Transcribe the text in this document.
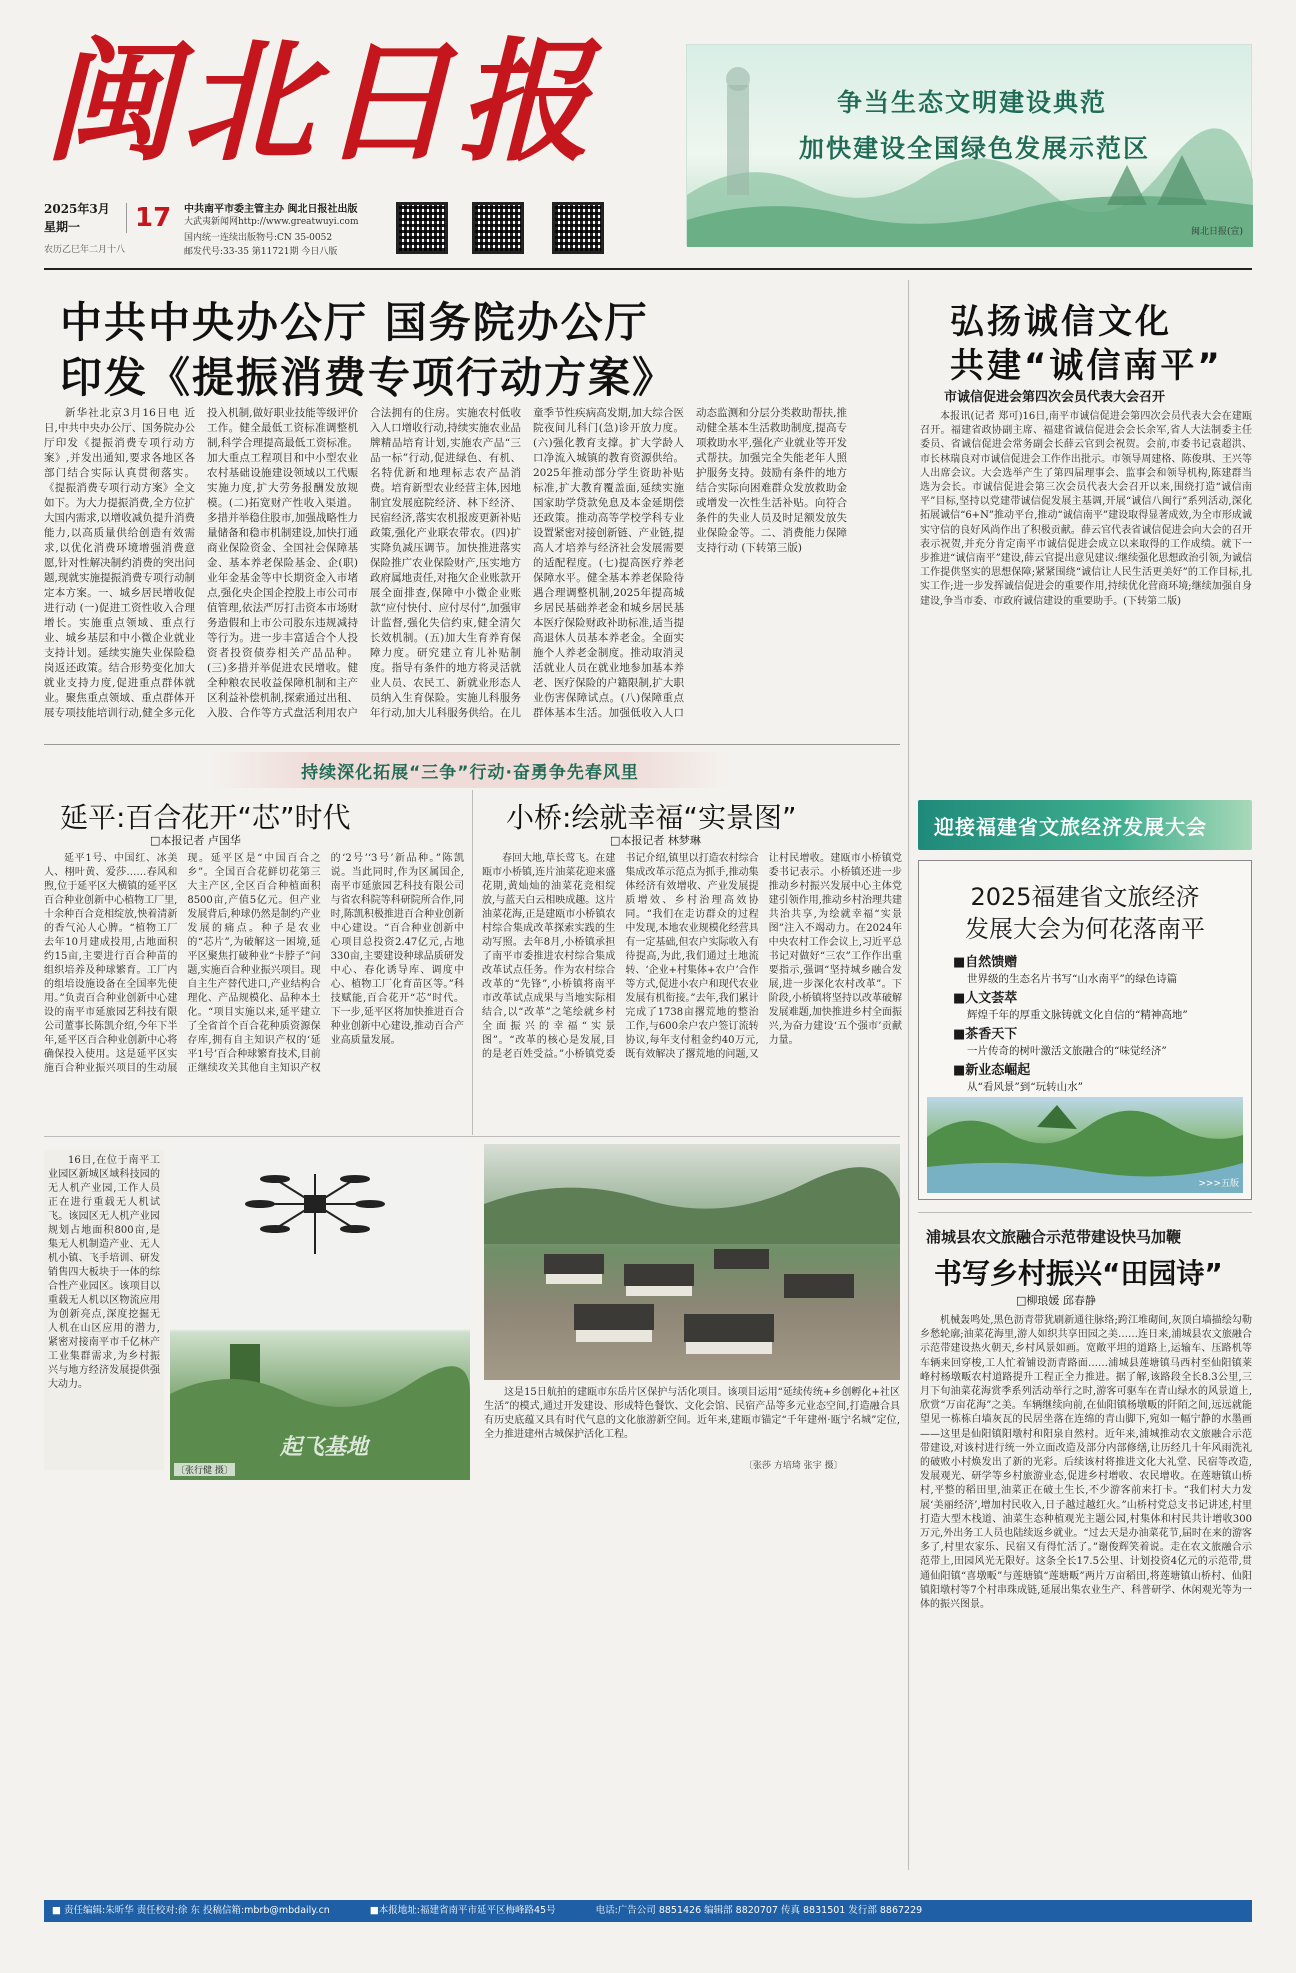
闽北日报
2025年3月
星期一	17
农历乙巳年二月十八
中共南平市委主管主办 闽北日报社出版
大武夷新闻网http://www.greatwuyi.com
国内统一连续出版物号:CN 35-0052
邮发代号:33-35 第11721期 今日八版
争当生态文明建设典范
加快建设全国绿色发展示范区
闽北日报(宣)
中共中央办公厅 国务院办公厅
印发《提振消费专项行动方案》

新华社北京3月16日电 近日,中共中央办公厅、国务院办公厅印发《提振消费专项行动方案》,并发出通知,要求各地区各部门结合实际认真贯彻落实。《提振消费专项行动方案》全文如下。为大力提振消费,全方位扩大国内需求,以增收减负提升消费能力,以高质量供给创造有效需求,以优化消费环境增强消费意愿,针对性解决制约消费的突出问题,现就实施提振消费专项行动制定本方案。一、城乡居民增收促进行动 (一)促进工资性收入合理增长。实施重点领域、重点行业、城乡基层和中小微企业就业支持计划。延续实施失业保险稳岗返还政策。结合形势变化加大就业支持力度,促进重点群体就业。聚焦重点领域、重点群体开展专项技能培训行动,健全多元化投入机制,做好职业技能等级评价工作。健全最低工资标准调整机制,科学合理提高最低工资标准。加大重点工程项目和中小型农业农村基础设施建设领域以工代赈实施力度,扩大劳务报酬发放规模。(二)拓宽财产性收入渠道。多措并举稳住股市,加强战略性力量储备和稳市机制建设,加快打通商业保险资金、全国社会保障基金、基本养老保险基金、企(职)业年金基金等中长期资金入市堵点,强化央企国企控股上市公司市值管理,依法严厉打击资本市场财务造假和上市公司股东违规减持等行为。进一步丰富适合个人投资者投资债券相关产品品种。(三)多措并举促进农民增收。健全种粮农民收益保障机制和主产区利益补偿机制,探索通过出租、入股、合作等方式盘活利用农户合法拥有的住房。实施农村低收入人口增收行动,持续实施农业品牌精品培育计划,实施农产品“三品一标”行动,促进绿色、有机、名特优新和地理标志农产品消费。培育新型农业经营主体,因地制宜发展庭院经济、林下经济、民宿经济,落实农机报废更新补贴政策,强化产业联农带农。(四)扩实降负减压调节。加快推进落实保险推广农业保险财产,压实地方政府属地责任,对拖欠企业账款开展全面排查,保障中小微企业账款“应付快付、应付尽付”,加强审计监督,强化失信约束,健全清欠长效机制。(五)加大生育养育保障力度。研究建立育儿补贴制度。指导有条件的地方将灵活就业人员、农民工、新就业形态人员纳入生育保险。实施儿科服务年行动,加大儿科服务供给。在儿童季节性疾病高发期,加大综合医院夜间儿科门(急)诊开放力度。(六)强化教育支撑。扩大学龄人口净流入城镇的教育资源供给。2025年推动部分学生资助补贴标准,扩大教育覆盖面,延续实施国家助学贷款免息及本金延期偿还政策。推动高等学校学科专业设置紧密对接创新链、产业链,提高人才培养与经济社会发展需要的适配程度。(七)提高医疗养老保障水平。健全基本养老保险待遇合理调整机制,2025年提高城乡居民基础养老金和城乡居民基本医疗保险财政补助标准,适当提高退休人员基本养老金。全面实施个人养老金制度。推动取消灵活就业人员在就业地参加基本养老、医疗保险的户籍限制,扩大职业伤害保障试点。(八)保障重点群体基本生活。加强低收入人口动态监测和分层分类救助帮扶,推动健全基本生活救助制度,提高专项救助水平,强化产业就业等开发式帮扶。加强完全失能老年人照护服务支持。鼓励有条件的地方结合实际向困难群众发放救助金或增发一次性生活补贴。向符合条件的失业人员及时足额发放失业保险金等。二、消费能力保障支持行动 (下转第三版)

弘扬诚信文化
共建“诚信南平”
市诚信促进会第四次会员代表大会召开

本报讯(记者 郑可)16日,南平市诚信促进会第四次会员代表大会在建瓯召开。福建省政协副主席、福建省诚信促进会会长余军,省人大法制委主任委员、省诚信促进会常务副会长薛云官到会祝贺。会前,市委书记袁超洪、市长林瑞良对市诚信促进会工作作出批示。市领导周建格、陈俊琪、王兴等人出席会议。大会选举产生了第四届理事会、监事会和领导机构,陈建群当选为会长。市诚信促进会第三次会员代表大会召开以来,围绕打造“诚信南平”目标,坚持以党建带诚信促发展主基调,开展“诚信八闽行”系列活动,深化拓展诚信“6+N”推动平台,推动“诚信南平”建设取得显著成效,为全市形成诚实守信的良好风尚作出了积极贡献。薛云官代表省诚信促进会向大会的召开表示祝贺,并充分肯定南平市诚信促进会成立以来取得的工作成绩。就下一步推进“诚信南平”建设,薛云官提出意见建议:继续强化思想政治引领,为诚信工作提供坚实的思想保障;紧紧围绕“诚信让人民生活更美好”的工作目标,扎实工作;进一步发挥诚信促进会的重要作用,持续优化营商环境;继续加强自身建设,争当市委、市政府诚信建设的重要助手。(下转第二版)

迎接福建省文旅经济发展大会
2025福建省文旅经济
发展大会为何花落南平
■自然馈赠
世界级的生态名片书写“山水南平”的绿色诗篇
■人文荟萃
辉煌千年的厚重文脉铸就文化自信的“精神高地”
■茶香天下
一片传奇的树叶激活文旅融合的“味觉经济”
■新业态崛起
从“看风景”到“玩转山水”
>>>五版
持续深化拓展“三争”行动·奋勇争先春风里
延平:百合花开“芯”时代
□本报记者 卢国华

延平1号、中国红、冰美人、栩叶黄、爱莎……春风和煦,位于延平区大横镇的延平区百合种业创新中心植物工厂里,十余种百合竞相绽放,怏着清新的香气沁人心脾。“植物工厂去年10月建成投用,占地面积约15亩,主要进行百合种苗的组织培养及种球繁育。工厂内的组培设施设备在全国率先使用。”负责百合种业创新中心建设的南平市延旅园艺科技有限公司董事长陈凯介绍,今年下半年,延平区百合种业创新中心将确保投入使用。这是延平区实施百合种业振兴项目的生动展现。延平区是“中国百合之乡”。全国百合花鲜切花第三大主产区,全区百合种植面积8500亩,产值5亿元。但产业发展背后,种球仍然是制约产业发展的痛点。种子是农业的“芯片”,为破解这一困境,延平区聚焦打破种业“卡脖子”问题,实施百合种业振兴项目。现自主生产替代进口,产业结构合理化、产品规模化、品种本土化。“项目实施以来,延平建立了全省首个百合花种质资源保存库,拥有自主知识产权的‘延平1号’百合种球繁育技术,目前正继续攻关其他自主知识产权的‘2号’‘3号’新品种。”陈凯说。当此同时,作为区属国企,南平市延旅园艺科技有限公司与省农科院等科研院所合作,同时,陈凯积极推进百合种业创新中心建设。“百合种业创新中心项目总投资2.47亿元,占地330亩,主要建设种球品质研发中心、春化诱导库、调度中心、植物工厂化育苗区等。”科技赋能,百合花开“芯”时代。下一步,延平区将加快推进百合种业创新中心建设,推动百合产业高质量发展。

小桥:绘就幸福“实景图”
□本报记者 林梦琳

春回大地,草长莺飞。在建瓯市小桥镇,连片油菜花迎来盛花期,黄灿灿的油菜花竞相绽放,与蓝天白云相映成趣。这片油菜花海,正是建瓯市小桥镇农村综合集成改革探索实践的生动写照。去年8月,小桥镇承担了南平市委推进农村综合集成改革试点任务。作为农村综合改革的“先锋”,小桥镇将南平市改革试点成果与当地实际相结合,以“改革”之笔绘就乡村全面振兴的幸福“实景图”。“改革的核心是发展,目的是老百姓受益。”小桥镇党委书记介绍,镇里以打造农村综合集成改革示范点为抓手,推动集体经济有效增收、产业发展提质增效、乡村治理高效协同。“我们在走访群众的过程中发现,本地农业规模化经营具有一定基础,但农户实际收入有待提高,为此,我们通过土地流转、‘企业+村集体+农户’合作等方式,促进小农户和现代农业发展有机衔接。”去年,我们累计完成了1738亩撂荒地的整治工作,与600余户农户签订流转协议,每年支付租金约40万元,既有效解决了撂荒地的问题,又让村民增收。建瓯市小桥镇党委书记表示。小桥镇还进一步推动乡村振兴发展中心主体党建引领作用,推动乡村治理共建共治共享,为绘就幸福“实景图”注入不竭动力。在2024年中央农村工作会议上,习近平总书记对做好“三农”工作作出重要指示,强调“坚持城乡融合发展,进一步深化农村改革”。下阶段,小桥镇将坚持以改革破解发展难题,加快推进乡村全面振兴,为奋力建设‘五个强市’贡献力量。

16日,在位于南平工业园区新城区域科技园的无人机产业园,工作人员正在进行重载无人机试飞。该园区无人机产业园规划占地面积800亩,是集无人机制造产业、无人机小镇、飞手培训、研发销售四大板块于一体的综合性产业园区。该项目以重载无人机以区物流应用为创新亮点,深度挖掘无人机在山区应用的潜力,紧密对接南平市千亿林产工业集群需求,为乡村振兴与地方经济发展提供强大动力。

起飞基地
〔张行健 摄〕

这是15日航拍的建瓯市东岳片区保护与活化项目。该项目运用“延续传统+乡创孵化+社区生活”的模式,通过开发建设、形成特色餐饮、文化会馆、民宿产品等多元业态空间,打造融合具有历史底蕴又具有时代气息的文化旅游新空间。近年来,建瓯市锚定“千年建州·瓯宁名城”定位,全力推进建州古城保护活化工程。

〔张莎 方培琦 张宇 摄〕
浦城县农文旅融合示范带建设快马加鞭
书写乡村振兴“田园诗”
□柳琅媛 邱春静

机械轰鸣处,黑色沥青带犹刷新通往脉络;跨江堆砌间,灰顶白墙描绘勾勒乡愁轮廓;油菜花海里,游人如织共享田园之美……连日来,浦城县农文旅融合示范带建设热火朝天,乡村风景如画。宽敞平坦的道路上,运输车、压路机等车辆来回穿梭,工人忙着铺设沥青路面……浦城县莲塘镇马西村至仙阳镇莱峰村杨墩畈农村道路提升工程正全力推进。据了解,该路段全长8.3公里,三月下旬油菜花海赏季系列活动举行之时,游客可驱车在青山绿水的风景道上,欣赏“万亩花海”之美。车辆继续向前,在仙阳镇杨墩畈的阡陌之间,远远就能望见一栋栋白墙灰瓦的民居坐落在连绵的青山脚下,宛如一幅宁静的水墨画——这里是仙阳镇阳墩村和阳泉自然村。近年来,浦城推动农文旅融合示范带建设,对该村进行统一外立面改造及部分内部修缮,让历经几十年风雨洗礼的破败小村焕发出了新的光彩。后续该村将推进文化大礼堂、民宿等改造,发展观光、研学等乡村旅游业态,促进乡村增收、农民增收。在莲塘镇山桥村,平整的稻田里,油菜正在破土生长,不少游客前来打卡。“我们村大力发展‘美丽经济’,增加村民收入,日子越过越红火。”山桥村党总支书记讲述,村里打造大型木栈道、油菜生态种植观光主题公园,村集体和村民共计增收300万元,外出务工人员也陆续返乡就业。“过去天是办油菜花节,届时在来的游客多了,村里农家乐、民宿又有得忙活了。”谢俊辉笑着说。走在农文旅融合示范带上,田园风光无限好。这条全长17.5公里、计划投资4亿元的示范带,贯通仙阳镇“喜墩畈”与莲塘镇“莲塘畈”两片万亩稻田,将莲塘镇山桥村、仙阳镇阳墩村等7个村串珠成链,延展出集农业生产、科普研学、休闲观光等为一体的振兴图景。

■ 责任编辑:朱昕华 责任校对:徐 东 投稿信箱:mbrb@mbdaily.cn	■本报地址:福建省南平市延平区梅峰路45号	电话:广告公司 8851426 编辑部 8820707 传真 8831501 发行部 8867229
